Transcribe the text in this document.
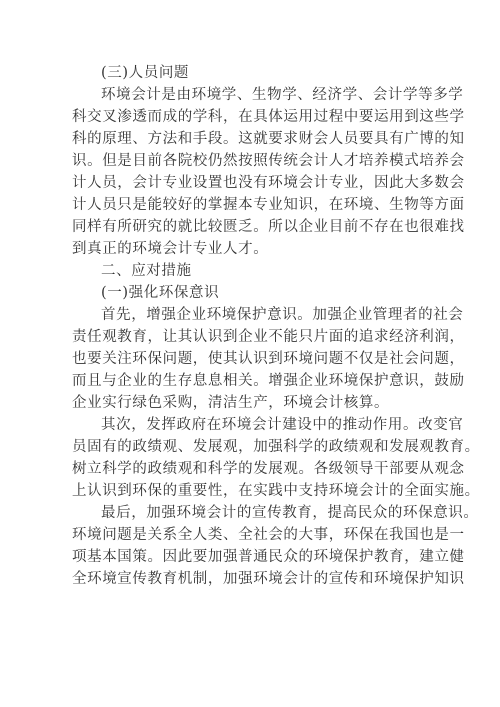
(三)人员问题
环境会计是由环境学、生物学、经济学、会计学等多学
科交叉渗透而成的学科，在具体运用过程中要运用到这些学
科的原理、方法和手段。这就要求财会人员要具有广博的知
识。但是目前各院校仍然按照传统会计人才培养模式培养会
计人员，会计专业设置也没有环境会计专业，因此大多数会
计人员只是能较好的掌握本专业知识，在环境、生物等方面
同样有所研究的就比较匮乏。所以企业目前不存在也很难找
到真正的环境会计专业人才。
二、应对措施
(一)强化环保意识
首先，增强企业环境保护意识。加强企业管理者的社会
责任观教育，让其认识到企业不能只片面的追求经济利润，
也要关注环保问题，使其认识到环境问题不仅是社会问题，
而且与企业的生存息息相关。增强企业环境保护意识，鼓励
企业实行绿色采购，清洁生产，环境会计核算。
其次，发挥政府在环境会计建设中的推动作用。改变官
员固有的政绩观、发展观，加强科学的政绩观和发展观教育。
树立科学的政绩观和科学的发展观。各级领导干部要从观念
上认识到环保的重要性，在实践中支持环境会计的全面实施。
最后，加强环境会计的宣传教育，提高民众的环保意识。
环境问题是关系全人类、全社会的大事，环保在我国也是一
项基本国策。因此要加强普通民众的环境保护教育，建立健
全环境宣传教育机制，加强环境会计的宣传和环境保护知识
